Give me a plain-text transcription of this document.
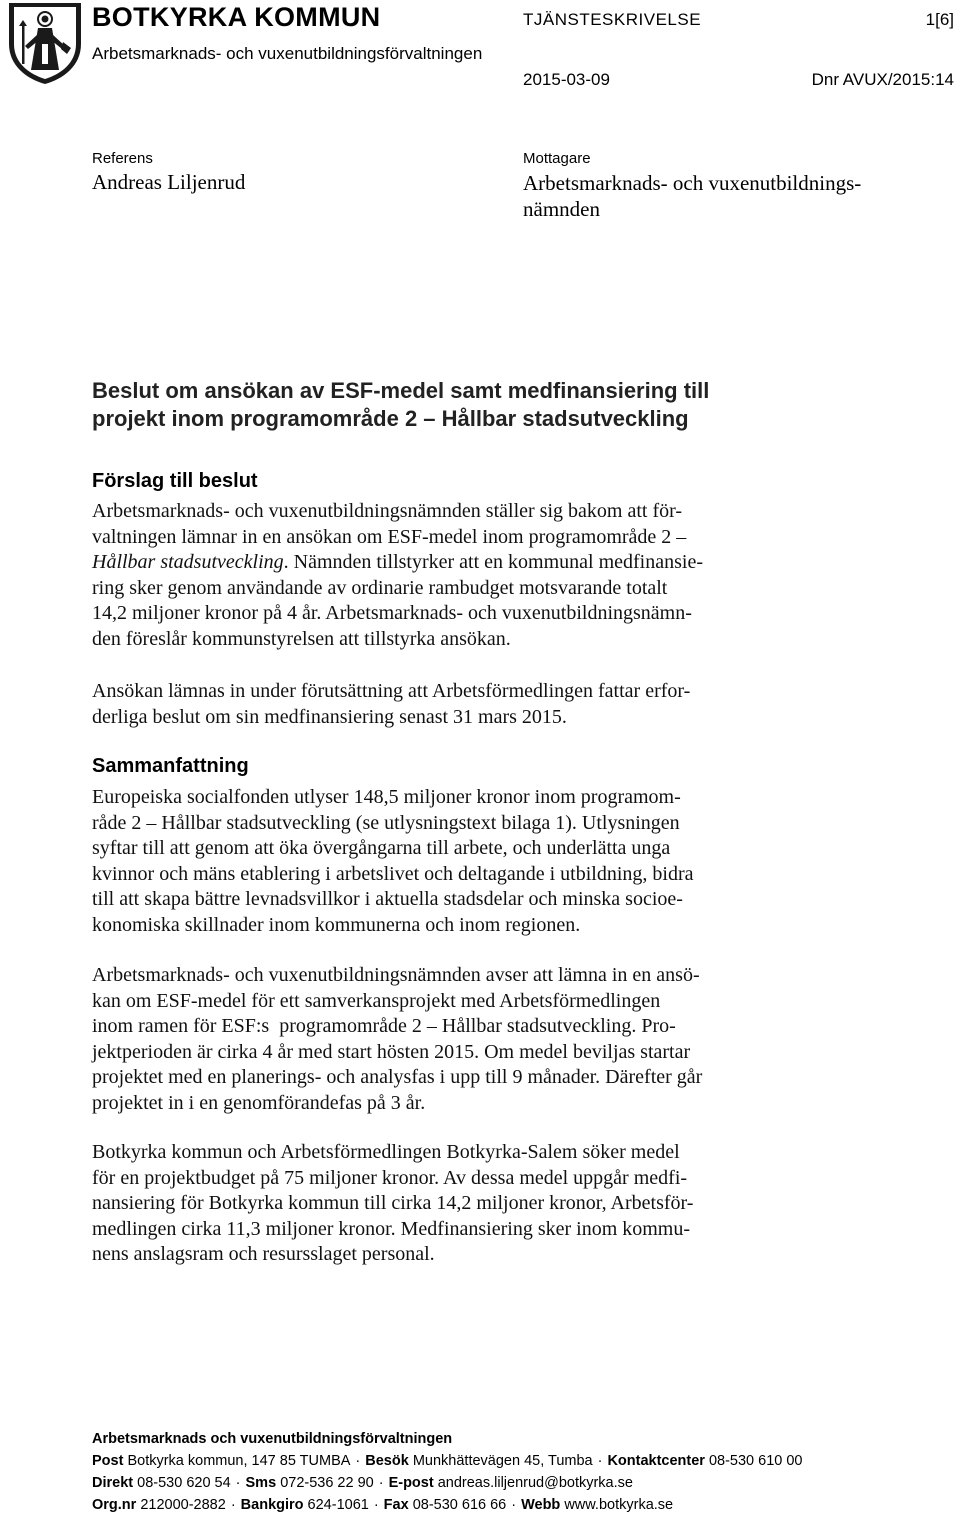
BOTKYRKA KOMMUN
Arbetsmarknads- och vuxenutbildningsförvaltningen
TJÄNSTESKRIVELSE	1[6]
2015-03-09	Dnr AVUX/2015:14
Referens
Andreas Liljenrud
Mottagare
Arbetsmarknads- och vuxenutbildnings-
nämnden
Beslut om ansökan av ESF-medel samt medfinansiering till
projekt inom programområde 2 – Hållbar stadsutveckling
Förslag till beslut
Arbetsmarknads- och vuxenutbildningsnämnden ställer sig bakom att för-
valtningen lämnar in en ansökan om ESF-medel inom programområde 2 –
Hållbar stadsutveckling. Nämnden tillstyrker att en kommunal medfinansie-
ring sker genom användande av ordinarie rambudget motsvarande totalt
14,2 miljoner kronor på 4 år. Arbetsmarknads- och vuxenutbildningsnämn-
den föreslår kommunstyrelsen att tillstyrka ansökan.
Ansökan lämnas in under förutsättning att Arbetsförmedlingen fattar erfor-
derliga beslut om sin medfinansiering senast 31 mars 2015.
Sammanfattning
Europeiska socialfonden utlyser 148,5 miljoner kronor inom programom-
råde 2 – Hållbar stadsutveckling (se utlysningstext bilaga 1). Utlysningen
syftar till att genom att öka övergångarna till arbete, och underlätta unga
kvinnor och mäns etablering i arbetslivet och deltagande i utbildning, bidra
till att skapa bättre levnadsvillkor i aktuella stadsdelar och minska socioe-
konomiska skillnader inom kommunerna och inom regionen.
Arbetsmarknads- och vuxenutbildningsnämnden avser att lämna in en ansö-
kan om ESF-medel för ett samverkansprojekt med Arbetsförmedlingen
inom ramen för ESF:s  programområde 2 – Hållbar stadsutveckling. Pro-
jektperioden är cirka 4 år med start hösten 2015. Om medel beviljas startar
projektet med en planerings- och analysfas i upp till 9 månader. Därefter går
projektet in i en genomförandefas på 3 år.
Botkyrka kommun och Arbetsförmedlingen Botkyrka-Salem söker medel
för en projektbudget på 75 miljoner kronor. Av dessa medel uppgår medfi-
nansiering för Botkyrka kommun till cirka 14,2 miljoner kronor, Arbetsför-
medlingen cirka 11,3 miljoner kronor. Medfinansiering sker inom kommu-
nens anslagsram och resursslaget personal.
Arbetsmarknads och vuxenutbildningsförvaltningen
Post Botkyrka kommun, 147 85 TUMBA · Besök Munkhättevägen 45, Tumba · Kontaktcenter 08-530 610 00
Direkt 08-530 620 54 · Sms 072-536 22 90 · E-post andreas.liljenrud@botkyrka.se
Org.nr 212000-2882 · Bankgiro 624-1061 · Fax 08-530 616 66 · Webb www.botkyrka.se
